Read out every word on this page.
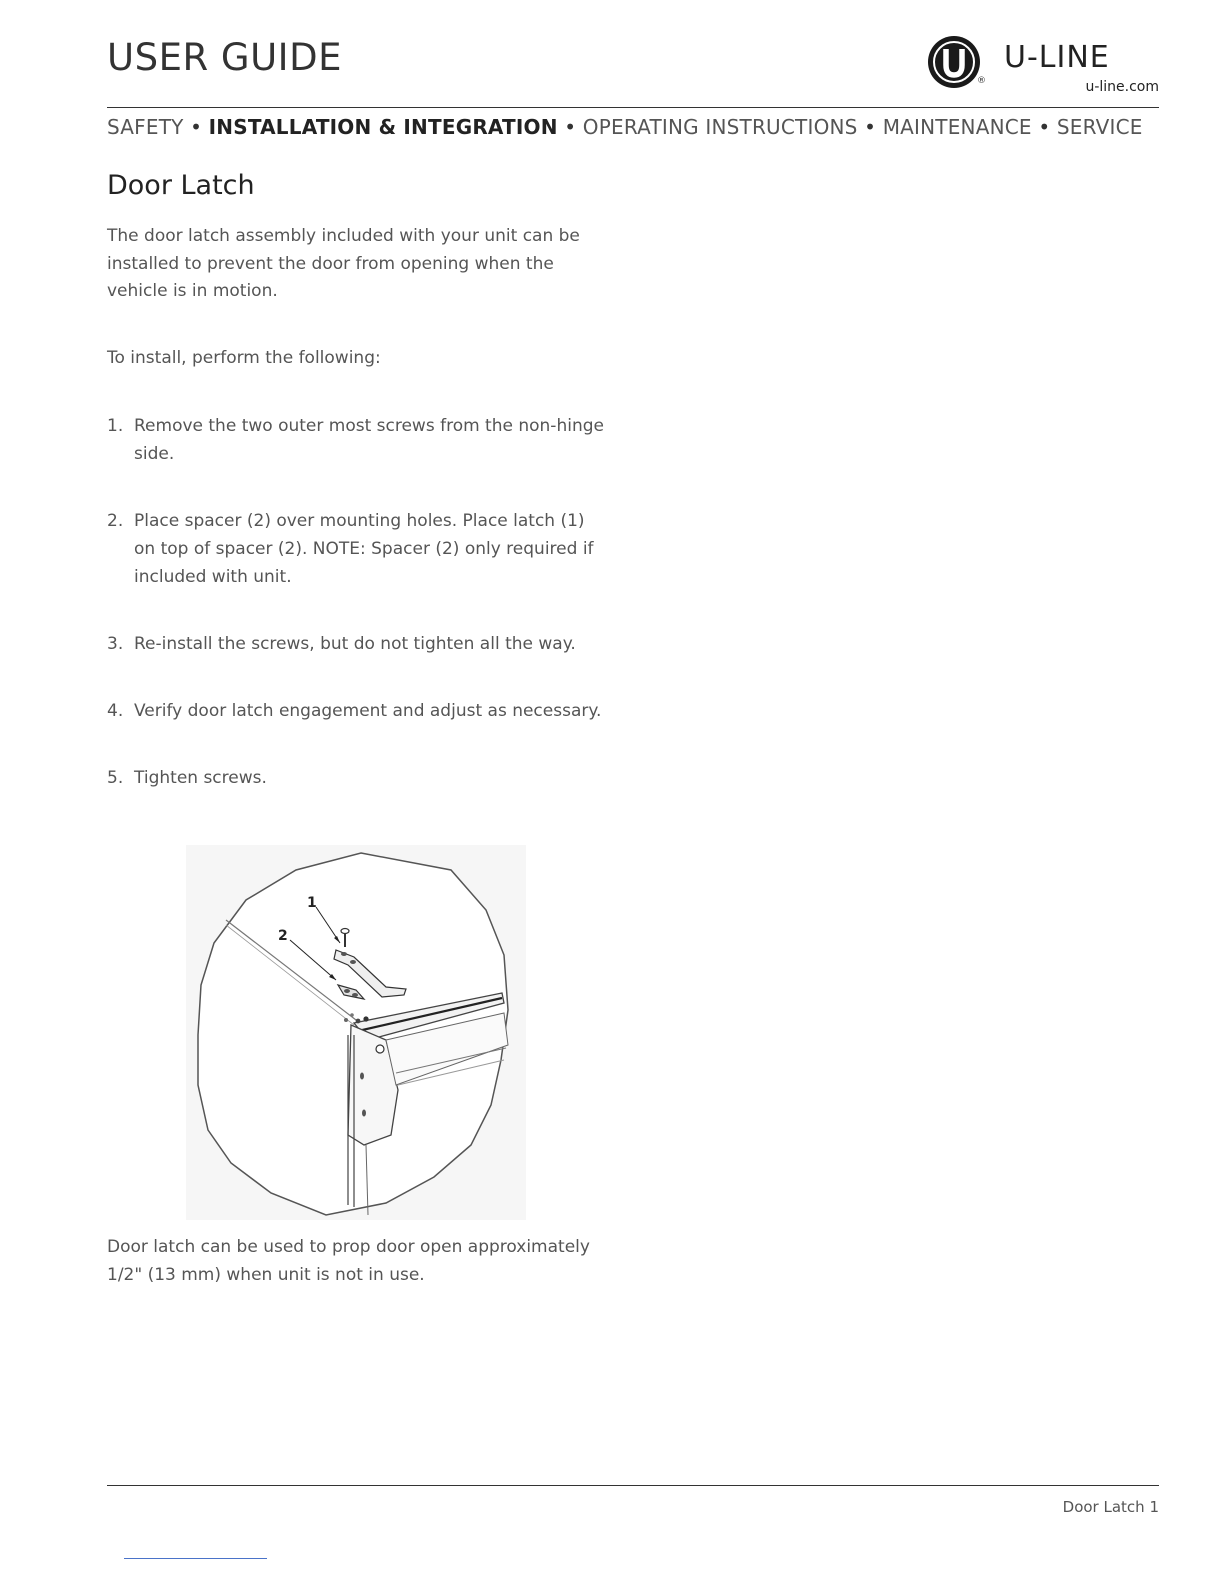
USER GUIDE
®
U-LINE
u-line.com
SAFETY • INSTALLATION & INTEGRATION • OPERATING INSTRUCTIONS • MAINTENANCE • SERVICE
Door Latch

The door latch assembly included with your unit can be installed to prevent the door from opening when the vehicle is in motion.

To install, perform the following:

1. Remove the two outer most screws from the non-hinge side.
2. Place spacer (2) over mounting holes. Place latch (1) on top of spacer (2). NOTE: Spacer (2) only required if included with unit.
3. Re-install the screws, but do not tighten all the way.
4. Verify door latch engagement and adjust as necessary.
5. Tighten screws.
1
2

Door latch can be used to prop door open approximately 1/2" (13 mm) when unit is not in use.

Door Latch 1
